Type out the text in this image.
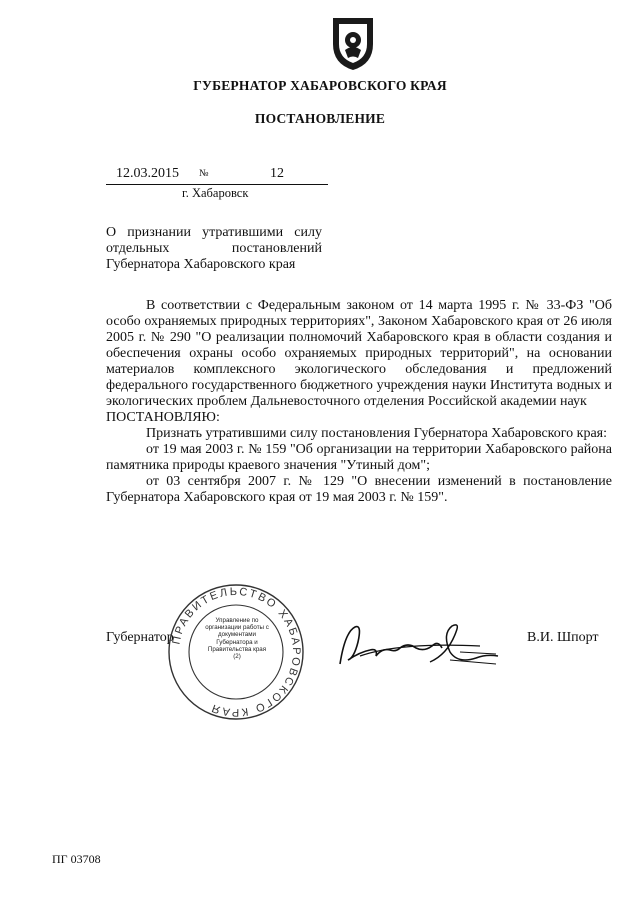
ГУБЕРНАТОР ХАБАРОВСКОГО КРАЯ
ПОСТАНОВЛЕНИЕ
12.03.2015 №	12
г. Хабаровск
О признании утратившими силу отдельных постановлений Губернатора Хабаровского края

В соответствии с Федеральным законом от 14 марта 1995 г. № 33-ФЗ "Об особо охраняемых природных территориях", Законом Хабаровского края от 26 июля 2005 г. № 290 "О реализации полномочий Хабаровского края в области создания и обеспечения охраны особо охраняемых природных территорий", на основании материалов комплексного экологического обследования и предложений федерального государственного бюджетного учреждения науки Института водных и экологических проблем Дальневосточного отделения Российской академии наук

ПОСТАНОВЛЯЮ:

Признать утратившими силу постановления Губернатора Хабаровского края:

от 19 мая 2003 г. № 159 "Об организации на территории Хабаровского района памятника природы краевого значения "Утиный дом";

от 03 сентября 2007 г. № 129 "О внесении изменений в постановление Губернатора Хабаровского края от 19 мая 2003 г. № 159".

Губернатор	В.И. Шпорт
ПРАВИТЕЛЬСТВО ХАБАРОВСКОГО КРАЯ
Управление по организации работы с документами Губернатора и Правительства края (2)
ПГ 03708
